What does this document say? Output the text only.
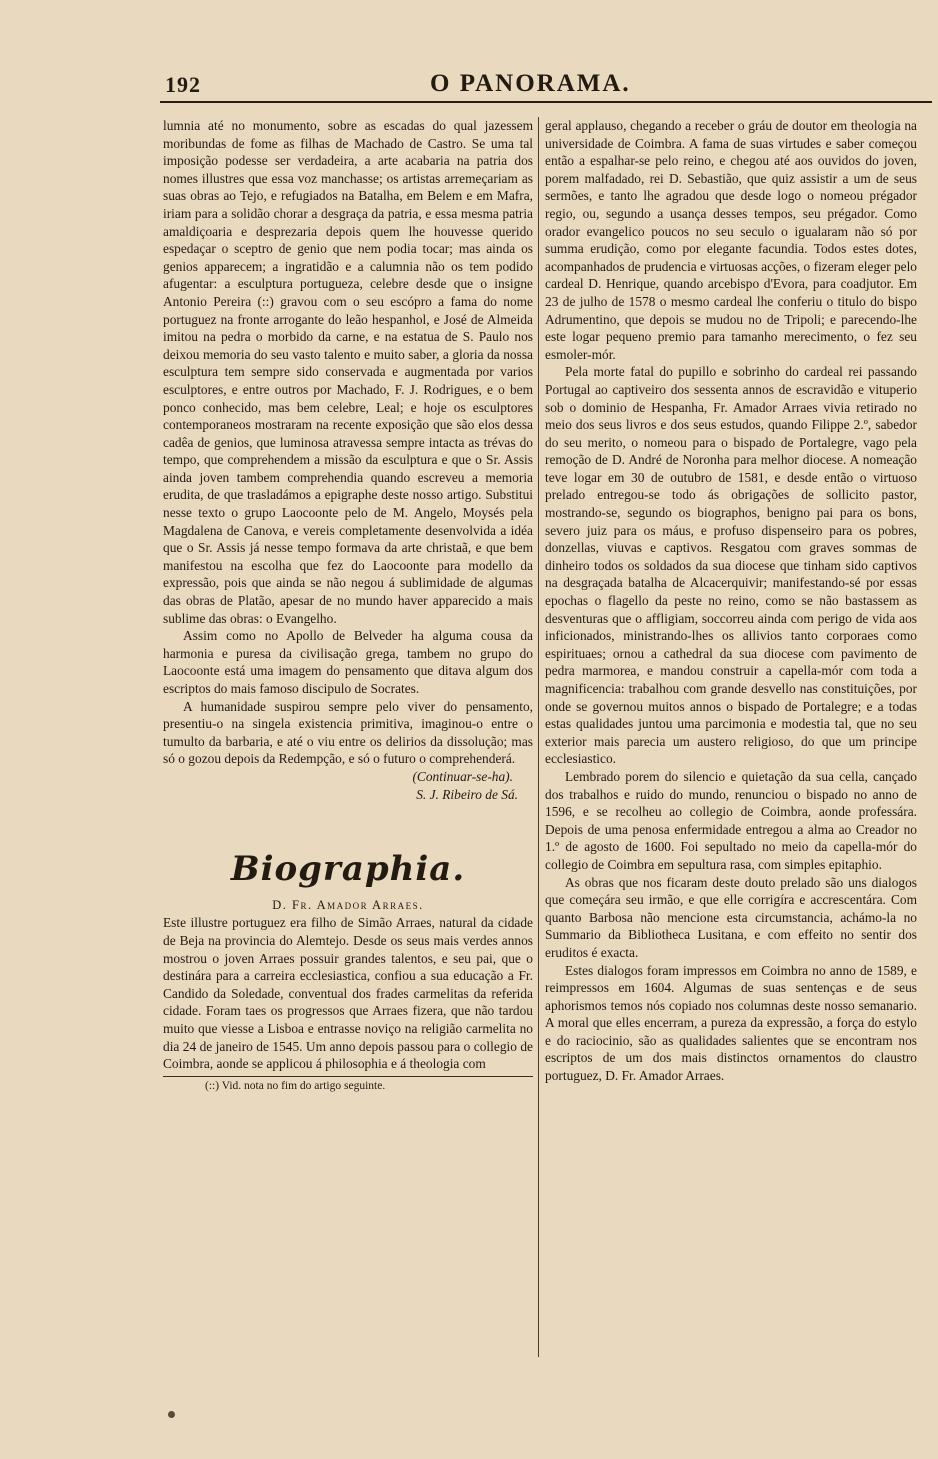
192	O PANORAMA.

lumnia até no monumento, sobre as escadas do qual jazessem moribundas de fome as filhas de Machado de Castro. Se uma tal imposição podesse ser verdadeira, a arte acabaria na patria dos nomes illustres que essa voz manchasse; os artistas arremeçariam as suas obras ao Tejo, e refugiados na Batalha, em Belem e em Mafra, iriam para a solidão chorar a desgraça da patria, e essa mesma patria amaldiçoaria e desprezaria depois quem lhe houvesse querido espedaçar o sceptro de genio que nem podia tocar; mas ainda os genios apparecem; a ingratidão e a calumnia não os tem podido afugentar: a esculptura portugueza, celebre desde que o insigne Antonio Pereira (::) gravou com o seu escópro a fama do nome portuguez na fronte arrogante do leão hespanhol, e José de Almeida imitou na pedra o morbido da carne, e na estatua de S. Paulo nos deixou memoria do seu vasto talento e muito saber, a gloria da nossa esculptura tem sempre sido conservada e augmentada por varios esculptores, e entre outros por Machado, F. J. Rodrigues, e o bem ponco conhecido, mas bem celebre, Leal; e hoje os esculptores contemporaneos mostraram na recente exposição que são elos dessa cadêa de genios, que luminosa atravessa sempre intacta as trévas do tempo, que comprehendem a missão da esculptura e que o Sr. Assis ainda joven tambem comprehendia quando escreveu a memoria erudita, de que trasladámos a epigraphe deste nosso artigo. Substitui nesse texto o grupo Laocoonte pelo de M. Angelo, Moysés pela Magdalena de Canova, e vereis completamente desenvolvida a idéa que o Sr. Assis já nesse tempo formava da arte christaã, e que bem manifestou na escolha que fez do Laocoonte para modello da expressão, pois que ainda se não negou á sublimidade de algumas das obras de Platão, apesar de no mundo haver apparecido a mais sublime das obras: o Evangelho.

Assim como no Apollo de Belveder ha alguma cousa da harmonia e puresa da civilisação grega, tambem no grupo do Laocoonte está uma imagem do pensamento que ditava algum dos escriptos do mais famoso discipulo de Socrates.

A humanidade suspirou sempre pelo viver do pensamento, presentiu-o na singela existencia primitiva, imaginou-o entre o tumulto da barbaria, e até o viu entre os delirios da dissolução; mas só o gozou depois da Redempção, e só o futuro o comprehenderá.

(Continuar-se-ha).

S. J. Ribeiro de Sá.

Biographia.

D. Fr. Amador Arraes.

Este illustre portuguez era filho de Simão Arraes, natural da cidade de Beja na provincia do Alemtejo. Desde os seus mais verdes annos mostrou o joven Arraes possuir grandes talentos, e seu pai, que o destinára para a carreira ecclesiastica, confiou a sua educação a Fr. Candido da Soledade, conventual dos frades carmelitas da referida cidade. Foram taes os progressos que Arraes fizera, que não tardou muito que viesse a Lisboa e entrasse noviço na religião carmelita no dia 24 de janeiro de 1545. Um anno depois passou para o collegio de Coimbra, aonde se applicou á philosophia e á theologia com

(::) Vid. nota no fim do artigo seguinte.

geral applauso, chegando a receber o gráu de doutor em theologia na universidade de Coimbra. A fama de suas virtudes e saber começou então a espalhar-se pelo reino, e chegou até aos ouvidos do joven, porem malfadado, rei D. Sebastião, que quiz assistir a um de seus sermões, e tanto lhe agradou que desde logo o nomeou prégador regio, ou, segundo a usança desses tempos, seu prégador. Como orador evangelico poucos no seu seculo o igualaram não só por summa erudição, como por elegante facundia. Todos estes dotes, acompanhados de prudencia e virtuosas acções, o fizeram eleger pelo cardeal D. Henrique, quando arcebispo d'Evora, para coadjutor. Em 23 de julho de 1578 o mesmo cardeal lhe conferiu o titulo do bispo Adrumentino, que depois se mudou no de Tripoli; e parecendo-lhe este logar pequeno premio para tamanho merecimento, o fez seu esmoler-mór.

Pela morte fatal do pupillo e sobrinho do cardeal rei passando Portugal ao captiveiro dos sessenta annos de escravidão e vituperio sob o dominio de Hespanha, Fr. Amador Arraes vivia retirado no meio dos seus livros e dos seus estudos, quando Filippe 2.º, sabedor do seu merito, o nomeou para o bispado de Portalegre, vago pela remoção de D. André de Noronha para melhor diocese. A nomeação teve logar em 30 de outubro de 1581, e desde então o virtuoso prelado entregou-se todo ás obrigações de sollicito pastor, mostrando-se, segundo os biographos, benigno pai para os bons, severo juiz para os máus, e profuso dispenseiro para os pobres, donzellas, viuvas e captivos. Resgatou com graves sommas de dinheiro todos os soldados da sua diocese que tinham sido captivos na desgraçada batalha de Alcacerquivir; manifestando-sé por essas epochas o flagello da peste no reino, como se não bastassem as desventuras que o affligiam, soccorreu ainda com perigo de vida aos inficionados, ministrando-lhes os allivios tanto corporaes como espirituaes; ornou a cathedral da sua diocese com pavimento de pedra marmorea, e mandou construir a capella-mór com toda a magnificencia: trabalhou com grande desvello nas constituições, por onde se governou muitos annos o bispado de Portalegre; e a todas estas qualidades juntou uma parcimonia e modestia tal, que no seu exterior mais parecia um austero religioso, do que um principe ecclesiastico.

Lembrado porem do silencio e quietação da sua cella, cançado dos trabalhos e ruido do mundo, renunciou o bispado no anno de 1596, e se recolheu ao collegio de Coimbra, aonde professára. Depois de uma penosa enfermidade entregou a alma ao Creador no 1.º de agosto de 1600. Foi sepultado no meio da capella-mór do collegio de Coimbra em sepultura rasa, com simples epitaphio.

As obras que nos ficaram deste douto prelado são uns dialogos que começára seu irmão, e que elle corrigíra e accrescentára. Com quanto Barbosa não mencione esta circumstancia, achámo-la no Summario da Bibliotheca Lusitana, e com effeito no sentir dos eruditos é exacta.

Estes dialogos foram impressos em Coimbra no anno de 1589, e reimpressos em 1604. Algumas de suas sentenças e de seus aphorismos temos nós copiado nos columnas deste nosso semanario. A moral que elles encerram, a pureza da expressão, a força do estylo e do raciocinio, são as qualidades salientes que se encontram nos escriptos de um dos mais distinctos ornamentos do claustro portuguez, D. Fr. Amador Arraes.
